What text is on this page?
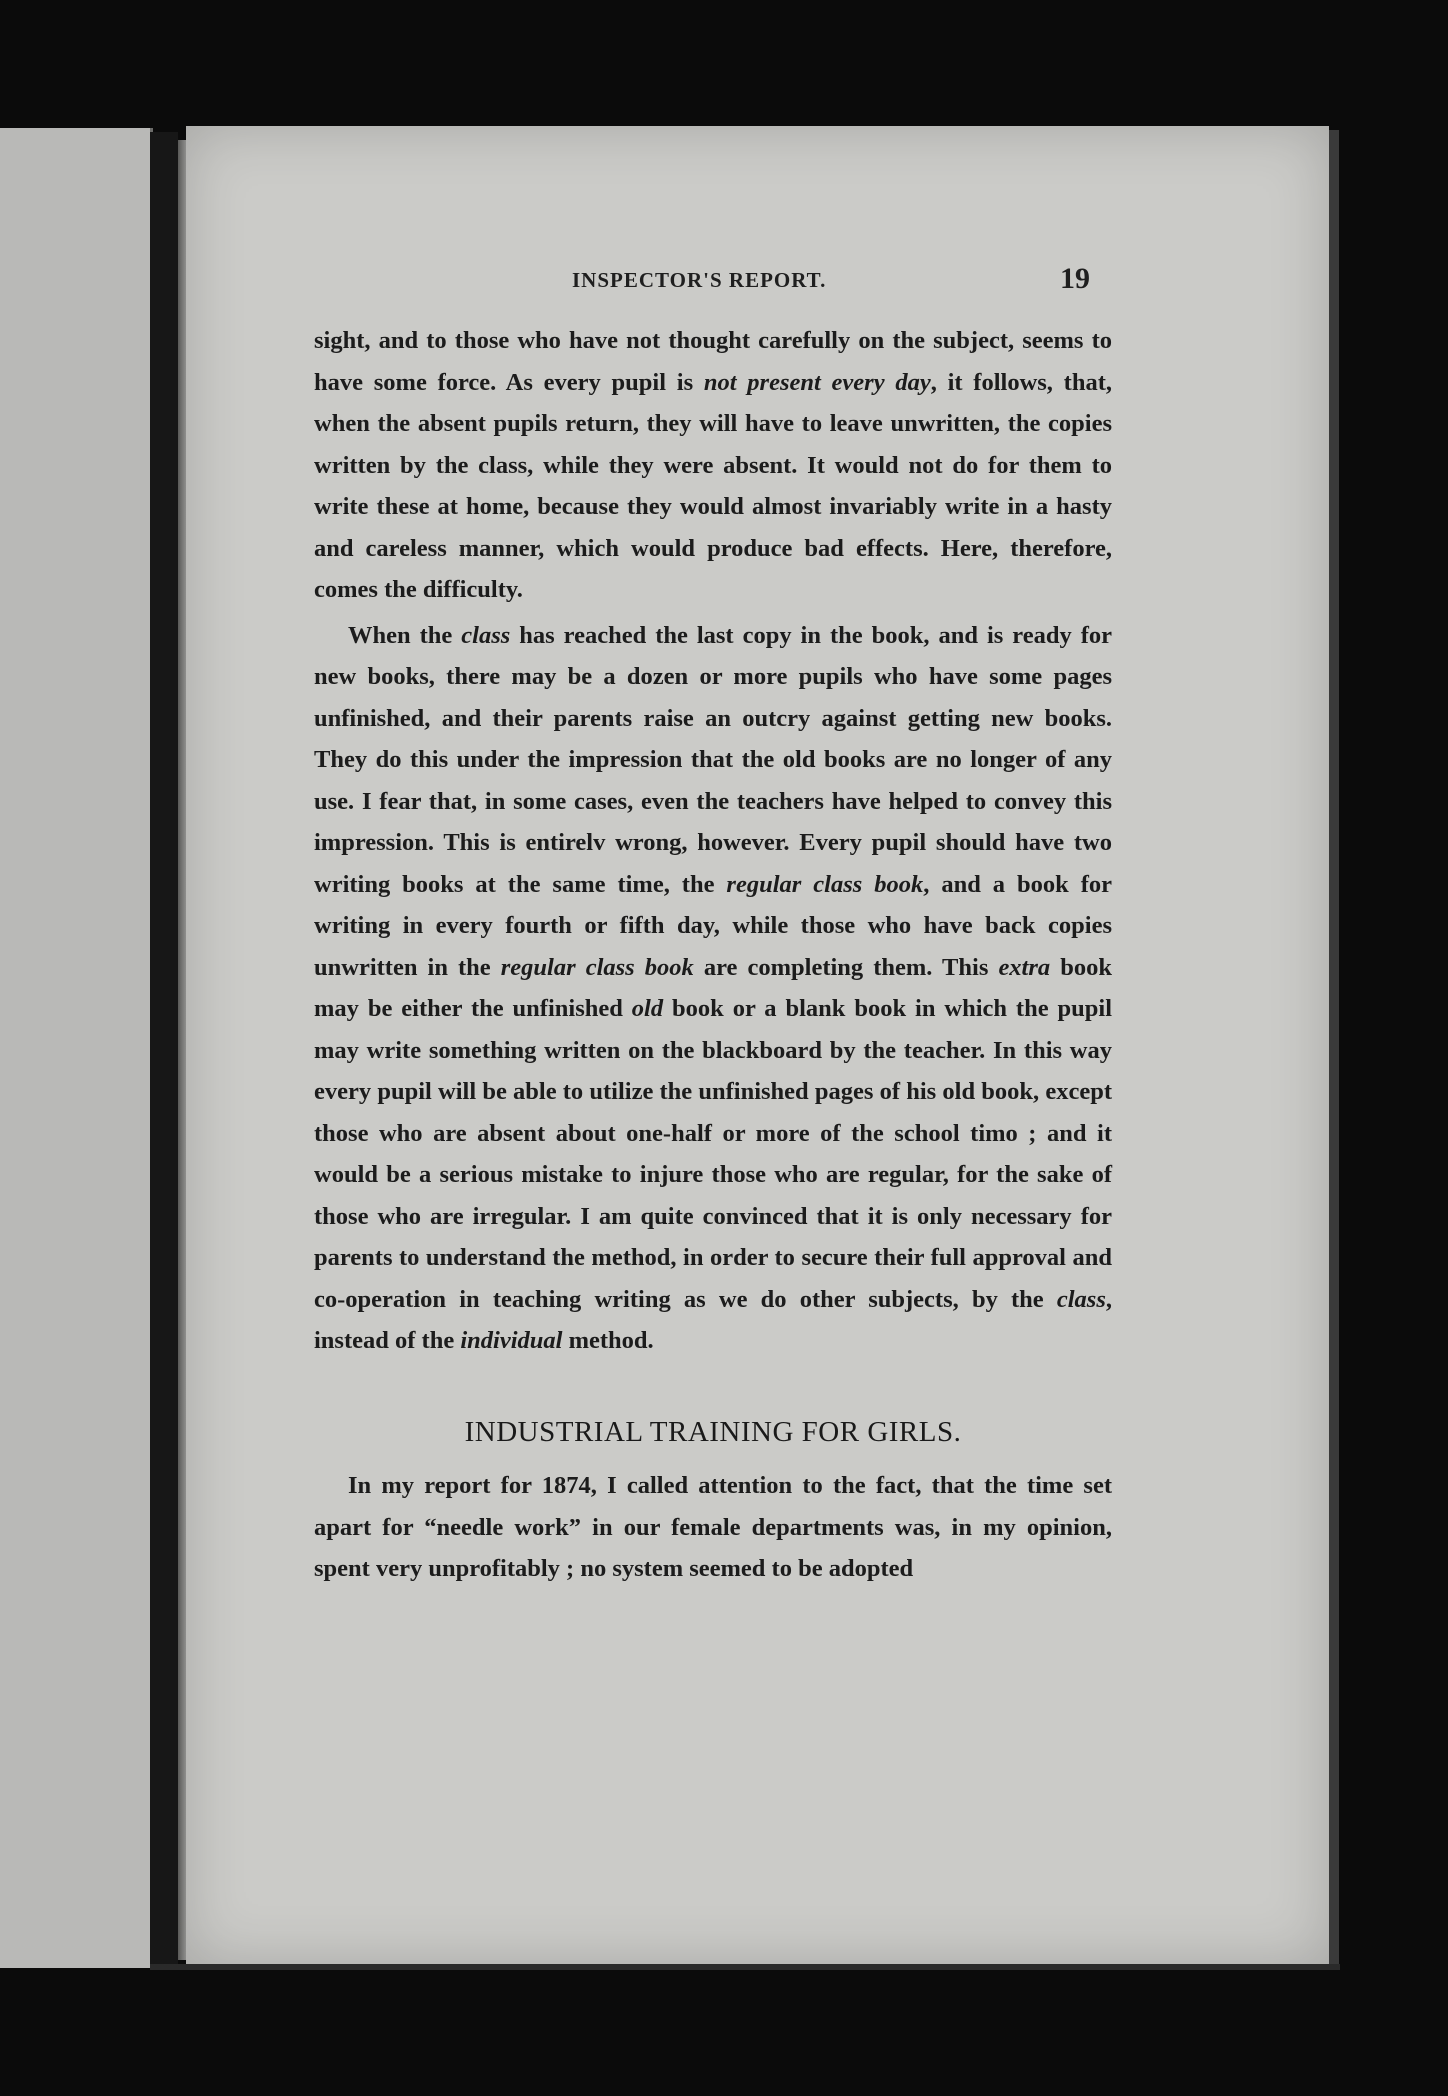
INSPECTOR'S REPORT.	19

sight, and to those who have not thought carefully on the subject, seems to have some force. As every pupil is not present every day, it follows, that, when the absent pupils return, they will have to leave unwritten, the copies written by the class, while they were absent. It would not do for them to write these at home, because they would almost invariably write in a hasty and careless manner, which would produce bad effects. Here, therefore, comes the difficulty.

When the class has reached the last copy in the book, and is ready for new books, there may be a dozen or more pupils who have some pages unfinished, and their parents raise an outcry against getting new books. They do this under the impression that the old books are no longer of any use. I fear that, in some cases, even the teachers have helped to convey this impression. This is entirelv wrong, however. Every pupil should have two writing books at the same time, the regular class book, and a book for writing in every fourth or fifth day, while those who have back copies unwritten in the regular class book are completing them. This extra book may be either the unfinished old book or a blank book in which the pupil may write something written on the blackboard by the teacher. In this way every pupil will be able to utilize the unfinished pages of his old book, except those who are absent about one-half or more of the school timo ; and it would be a serious mistake to injure those who are regular, for the sake of those who are irregular. I am quite convinced that it is only necessary for parents to understand the method, in order to secure their full approval and co-operation in teaching writing as we do other subjects, by the class, instead of the individual method.

INDUSTRIAL TRAINING FOR GIRLS.

In my report for 1874, I called attention to the fact, that the time set apart for “needle work” in our female departments was, in my opinion, spent very unprofitably ; no system seemed to be adopted
